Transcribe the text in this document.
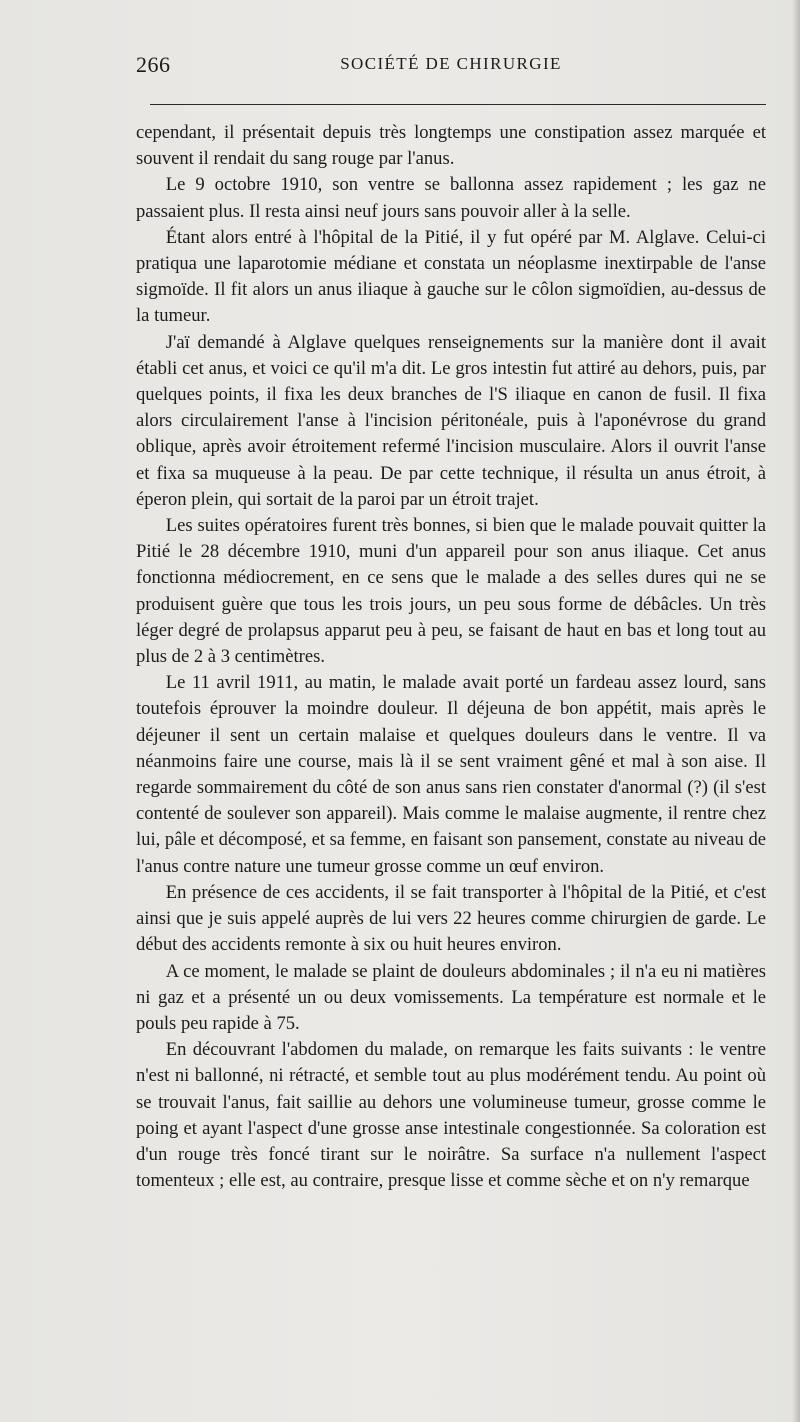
266	SOCIÉTÉ DE CHIRURGIE

cependant, il présentait depuis très longtemps une constipation assez marquée et souvent il rendait du sang rouge par l'anus.

Le 9 octobre 1910, son ventre se ballonna assez rapidement ; les gaz ne passaient plus. Il resta ainsi neuf jours sans pouvoir aller à la selle.

Étant alors entré à l'hôpital de la Pitié, il y fut opéré par M. Alglave. Celui-ci pratiqua une laparotomie médiane et constata un néoplasme inextirpable de l'anse sigmoïde. Il fit alors un anus iliaque à gauche sur le côlon sigmoïdien, au-dessus de la tumeur.

J'aï demandé à Alglave quelques renseignements sur la manière dont il avait établi cet anus, et voici ce qu'il m'a dit. Le gros intestin fut attiré au dehors, puis, par quelques points, il fixa les deux branches de l'S iliaque en canon de fusil. Il fixa alors circulairement l'anse à l'incision péritonéale, puis à l'aponévrose du grand oblique, après avoir étroitement refermé l'incision musculaire. Alors il ouvrit l'anse et fixa sa muqueuse à la peau. De par cette technique, il résulta un anus étroit, à éperon plein, qui sortait de la paroi par un étroit trajet.

Les suites opératoires furent très bonnes, si bien que le malade pouvait quitter la Pitié le 28 décembre 1910, muni d'un appareil pour son anus iliaque. Cet anus fonctionna médiocrement, en ce sens que le malade a des selles dures qui ne se produisent guère que tous les trois jours, un peu sous forme de débâcles. Un très léger degré de prolapsus apparut peu à peu, se faisant de haut en bas et long tout au plus de 2 à 3 centimètres.

Le 11 avril 1911, au matin, le malade avait porté un fardeau assez lourd, sans toutefois éprouver la moindre douleur. Il déjeuna de bon appétit, mais après le déjeuner il sent un certain malaise et quelques douleurs dans le ventre. Il va néanmoins faire une course, mais là il se sent vraiment gêné et mal à son aise. Il regarde sommairement du côté de son anus sans rien constater d'anormal (?) (il s'est contenté de soulever son appareil). Mais comme le malaise augmente, il rentre chez lui, pâle et décomposé, et sa femme, en faisant son pansement, constate au niveau de l'anus contre nature une tumeur grosse comme un œuf environ.

En présence de ces accidents, il se fait transporter à l'hôpital de la Pitié, et c'est ainsi que je suis appelé auprès de lui vers 22 heures comme chirurgien de garde. Le début des accidents remonte à six ou huit heures environ.

A ce moment, le malade se plaint de douleurs abdominales ; il n'a eu ni matières ni gaz et a présenté un ou deux vomissements. La température est normale et le pouls peu rapide à 75.

En découvrant l'abdomen du malade, on remarque les faits suivants : le ventre n'est ni ballonné, ni rétracté, et semble tout au plus modérément tendu. Au point où se trouvait l'anus, fait saillie au dehors une volumineuse tumeur, grosse comme le poing et ayant l'aspect d'une grosse anse intestinale congestionnée. Sa coloration est d'un rouge très foncé tirant sur le noirâtre. Sa surface n'a nullement l'aspect tomenteux ; elle est, au contraire, presque lisse et comme sèche et on n'y remarque
